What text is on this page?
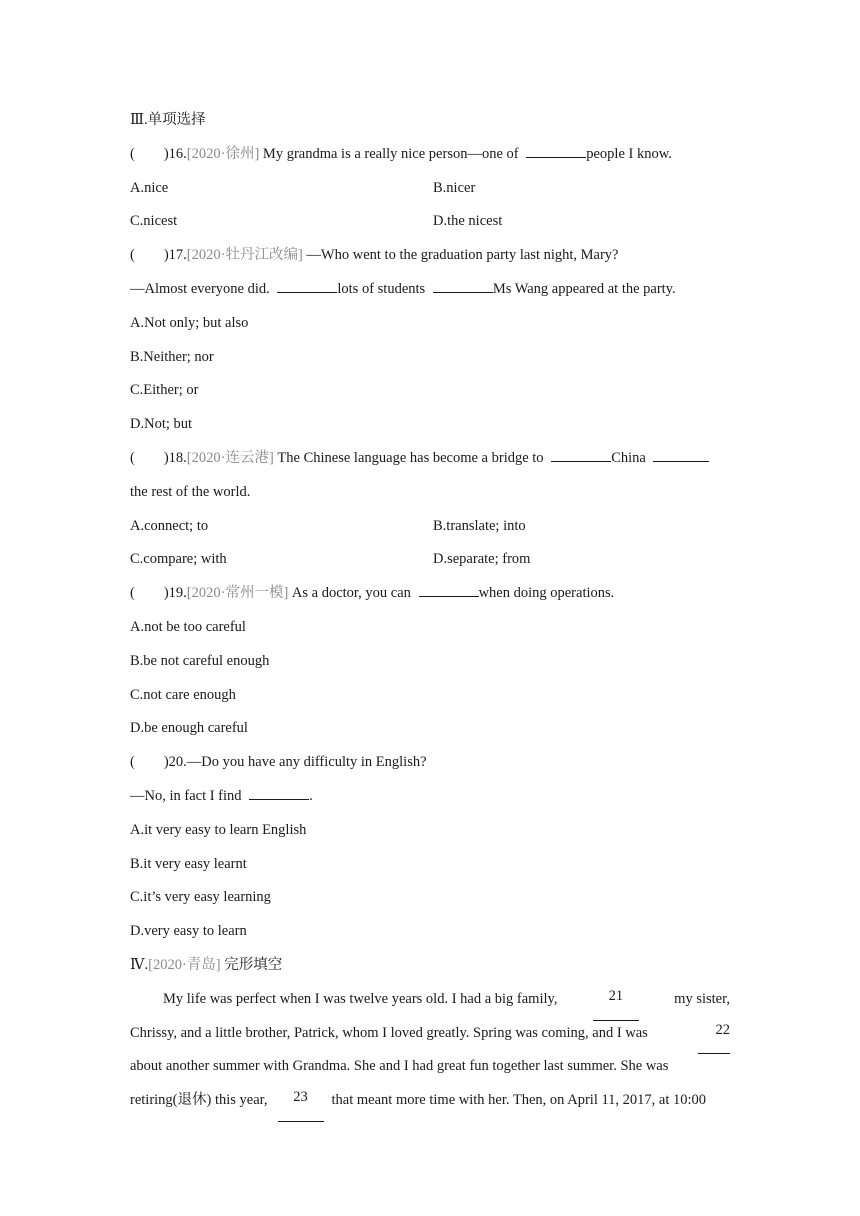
Ⅲ.单项选择
(        )16.[2020·徐州] My grandma is a really nice person—one of	people I know.
A.nice	B.nicer
C.nicest	D.the nicest
(        )17.[2020·牡丹江改编] —Who went to the graduation party last night, Mary?
—Almost everyone did.	lots of students	Ms Wang appeared at the party.
A.Not only; but also
B.Neither; nor
C.Either; or
D.Not; but
(        )18.[2020·连云港] The Chinese language has become a bridge to	China
the rest of the world.
A.connect; to	B.translate; into
C.compare; with	D.separate; from
(        )19.[2020·常州一模] As a doctor, you can	when doing operations.
A.not be too careful
B.be not careful enough
C.not care enough
D.be enough careful
(        )20.—Do you have any difficulty in English?
—No, in fact I find	.
A.it very easy to learn English
B.it very easy learnt
C.it’s very easy learning
D.very easy to learn
Ⅳ.[2020·青岛] 完形填空
My life was perfect when I was twelve years old. I had a big family,	21	my sister,
Chrissy, and a little brother, Patrick, whom I loved greatly. Spring was coming, and I was	22
about another summer with Grandma. She and I had great fun together last summer. She was
retiring(退休) this year,	23	that meant more time with her. Then, on April 11, 2017, at 10:00
